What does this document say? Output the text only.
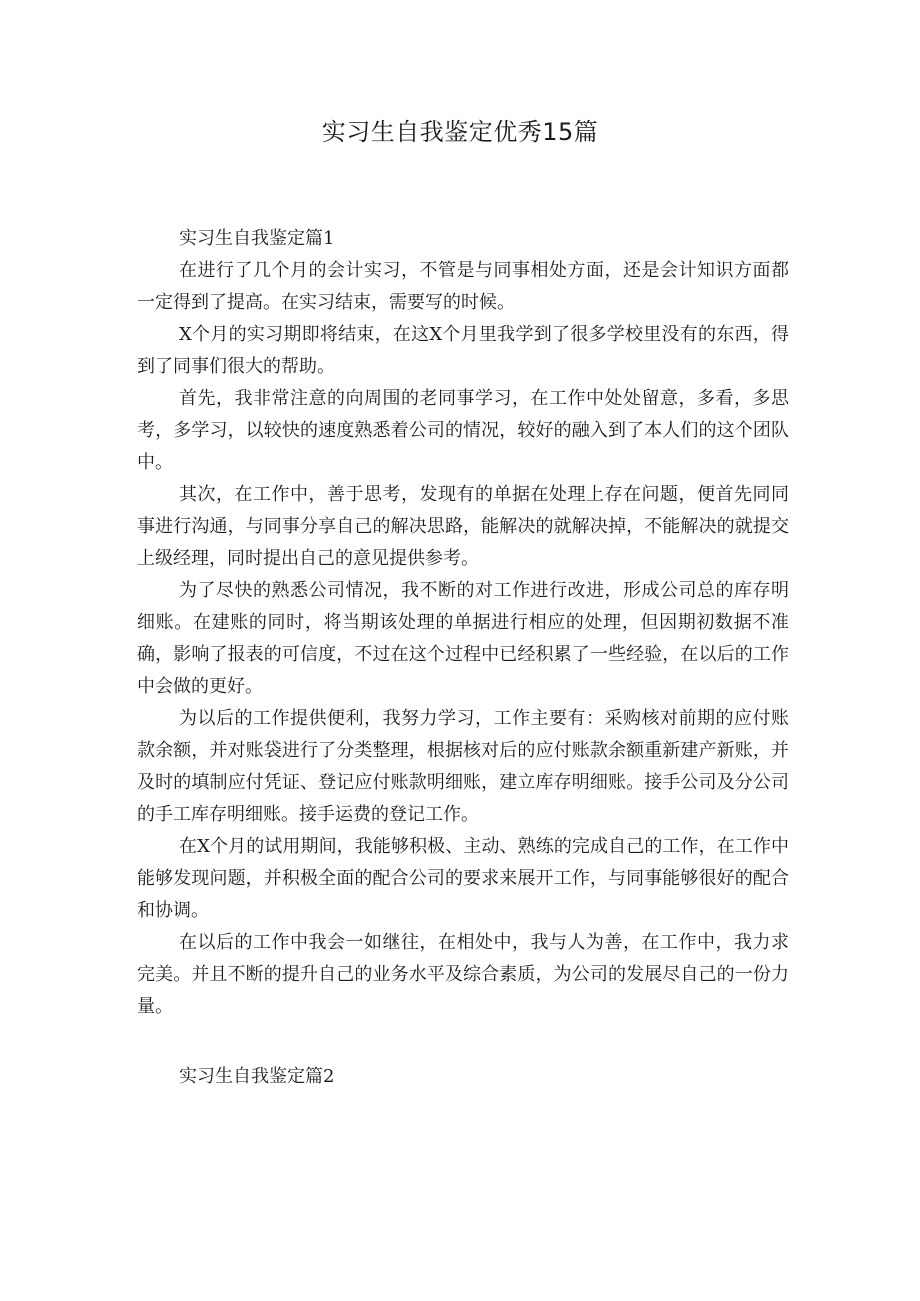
实习生自我鉴定优秀15篇
实习生自我鉴定篇1

在进行了几个月的会计实习，不管是与同事相处方面，还是会计知识方面都一定得到了提高。在实习结束，需要写的时候。

X个月的实习期即将结束，在这X个月里我学到了很多学校里没有的东西，得到了同事们很大的帮助。

首先，我非常注意的向周围的老同事学习，在工作中处处留意，多看，多思考，多学习，以较快的速度熟悉着公司的情况，较好的融入到了本人们的这个团队中。

其次，在工作中，善于思考，发现有的单据在处理上存在问题，便首先同同事进行沟通，与同事分享自己的解决思路，能解决的就解决掉，不能解决的就提交上级经理，同时提出自己的意见提供参考。

为了尽快的熟悉公司情况，我不断的对工作进行改进，形成公司总的库存明细账。在建账的同时，将当期该处理的单据进行相应的处理，但因期初数据不准确，影响了报表的可信度，不过在这个过程中已经积累了一些经验，在以后的工作中会做的更好。

为以后的工作提供便利，我努力学习，工作主要有：采购核对前期的应付账款余额，并对账袋进行了分类整理，根据核对后的应付账款余额重新建产新账，并及时的填制应付凭证、登记应付账款明细账，建立库存明细账。接手公司及分公司的手工库存明细账。接手运费的登记工作。

在X个月的试用期间，我能够积极、主动、熟练的完成自己的工作，在工作中能够发现问题，并积极全面的配合公司的要求来展开工作，与同事能够很好的配合和协调。

在以后的工作中我会一如继往，在相处中，我与人为善，在工作中，我力求完美。并且不断的提升自己的业务水平及综合素质，为公司的发展尽自己的一份力量。

实习生自我鉴定篇2
